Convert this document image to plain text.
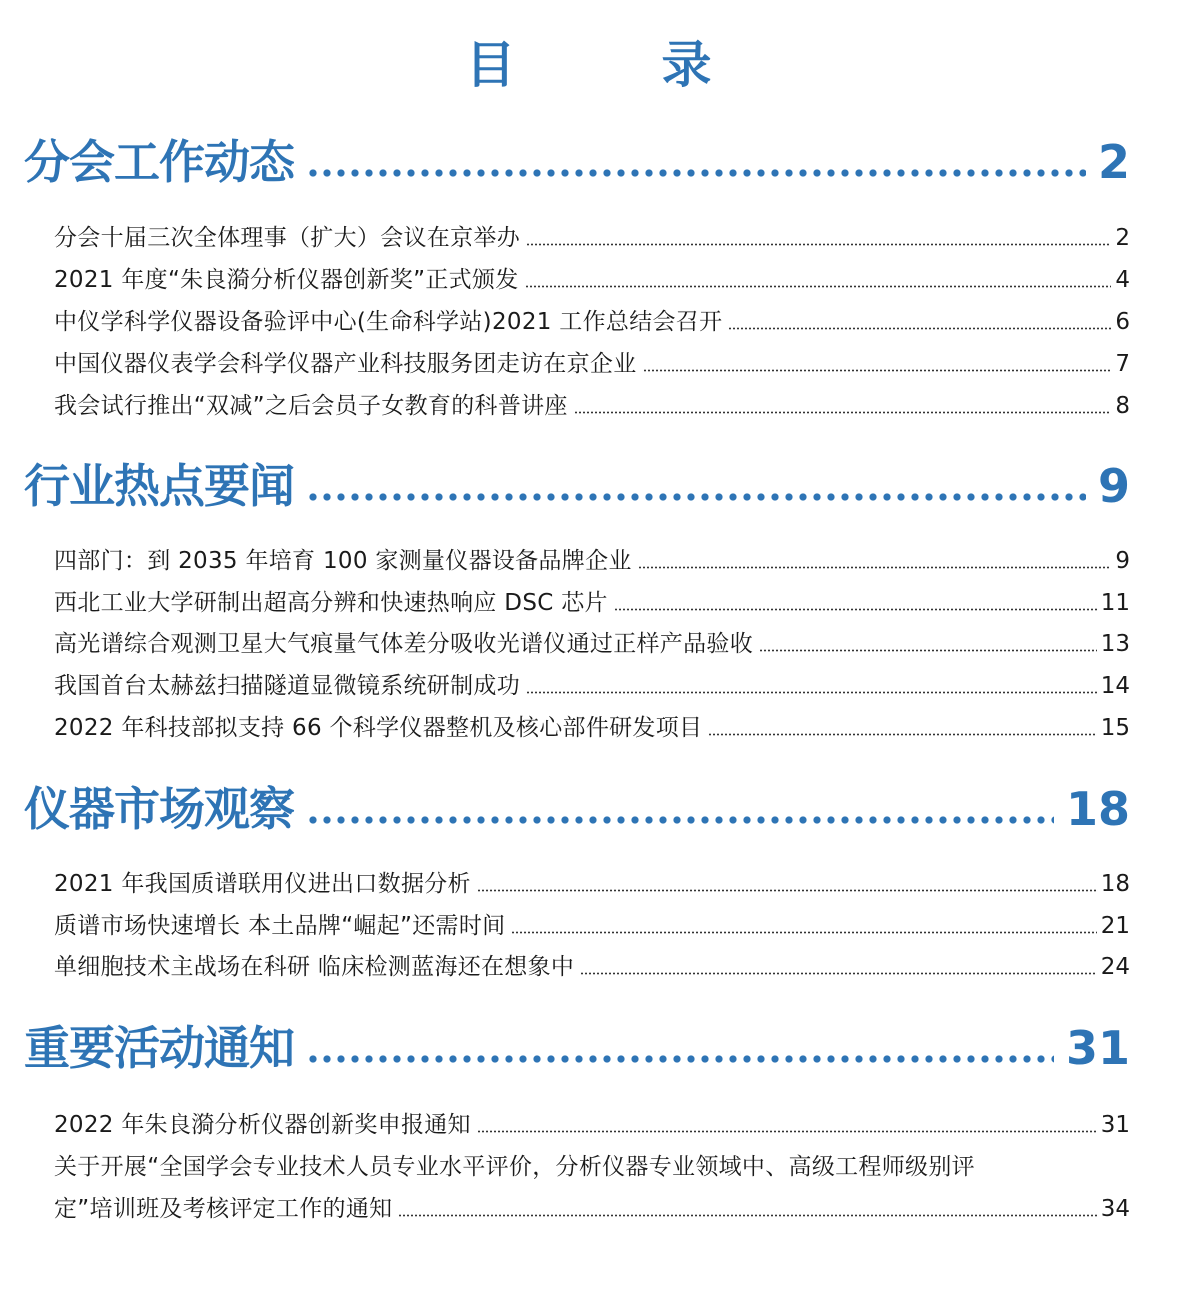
目　录
分会工作动态	2
分会十届三次全体理事（扩大）会议在京举办	2
2021 年度“朱良漪分析仪器创新奖”正式颁发	4
中仪学科学仪器设备验评中心(生命科学站)2021 工作总结会召开	6
中国仪器仪表学会科学仪器产业科技服务团走访在京企业	7
我会试行推出“双减”之后会员子女教育的科普讲座	8
行业热点要闻	9
四部门：到 2035 年培育 100 家测量仪器设备品牌企业	9
西北工业大学研制出超高分辨和快速热响应 DSC 芯片	11
高光谱综合观测卫星大气痕量气体差分吸收光谱仪通过正样产品验收	13
我国首台太赫兹扫描隧道显微镜系统研制成功	14
2022 年科技部拟支持 66 个科学仪器整机及核心部件研发项目	15
仪器市场观察	18
2021 年我国质谱联用仪进出口数据分析	18
质谱市场快速增长 本土品牌“崛起”还需时间	21
单细胞技术主战场在科研 临床检测蓝海还在想象中	24
重要活动通知	31
2022 年朱良漪分析仪器创新奖申报通知	31
关于开展“全国学会专业技术人员专业水平评价，分析仪器专业领域中、高级工程师级别评
定”培训班及考核评定工作的通知	34
